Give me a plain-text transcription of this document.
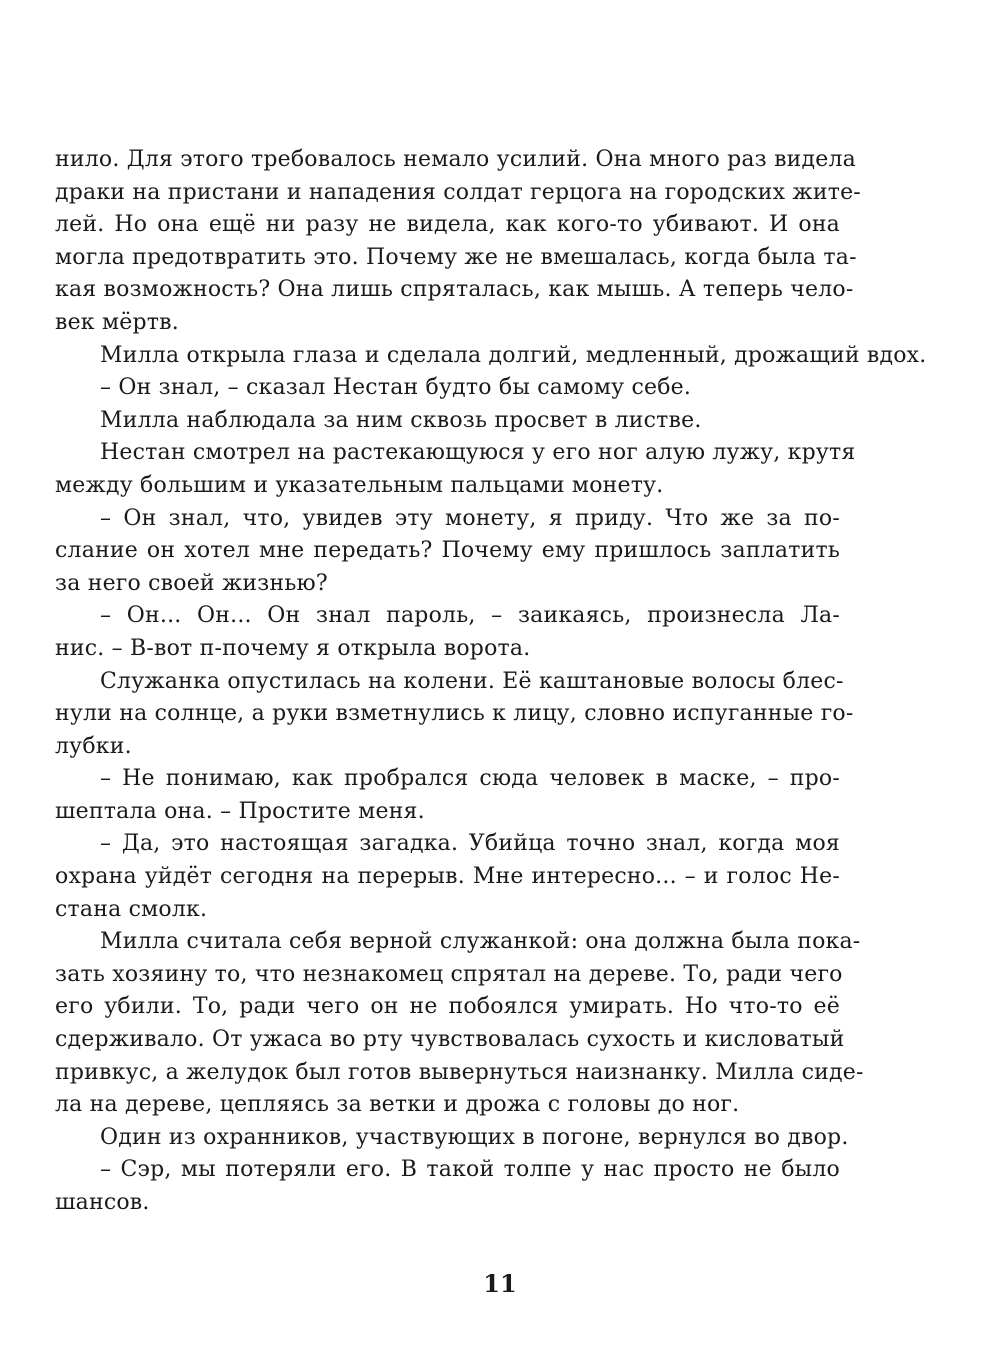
нило. Для этого требовалось немало усилий. Она много раз видела
драки на пристани и нападения солдат герцога на городских жите-
лей. Но она ещё ни разу не видела, как кого-то убивают. И она
могла предотвратить это. Почему же не вмешалась, когда была та-
кая возможность? Она лишь спряталась, как мышь. А теперь чело-
век мёртв.
Милла открыла глаза и сделала долгий, медленный, дрожащий вдох.
– Он знал, – сказал Нестан будто бы самому себе.
Милла наблюдала за ним сквозь просвет в листве.
Нестан смотрел на растекающуюся у его ног алую лужу, крутя
между большим и указательным пальцами монету.
– Он знал, что, увидев эту монету, я приду. Что же за по-
слание он хотел мне передать? Почему ему пришлось заплатить
за него своей жизнью?
– Он... Он... Он знал пароль, – заикаясь, произнесла Ла-
нис. – В-вот п-почему я открыла ворота.
Служанка опустилась на колени. Её каштановые волосы блес-
нули на солнце, а руки взметнулись к лицу, словно испуганные го-
лубки.
– Не понимаю, как пробрался сюда человек в маске, – про-
шептала она. – Простите меня.
– Да, это настоящая загадка. Убийца точно знал, когда моя
охрана уйдёт сегодня на перерыв. Мне интересно... – и голос Не-
стана смолк.
Милла считала себя верной служанкой: она должна была пока-
зать хозяину то, что незнакомец спрятал на дереве. То, ради чего
его убили. То, ради чего он не побоялся умирать. Но что-то её
сдерживало. От ужаса во рту чувствовалась сухость и кисловатый
привкус, а желудок был готов вывернуться наизнанку. Милла сиде-
ла на дереве, цепляясь за ветки и дрожа с головы до ног.
Один из охранников, участвующих в погоне, вернулся во двор.
– Сэр, мы потеряли его. В такой толпе у нас просто не было
шансов.
11
